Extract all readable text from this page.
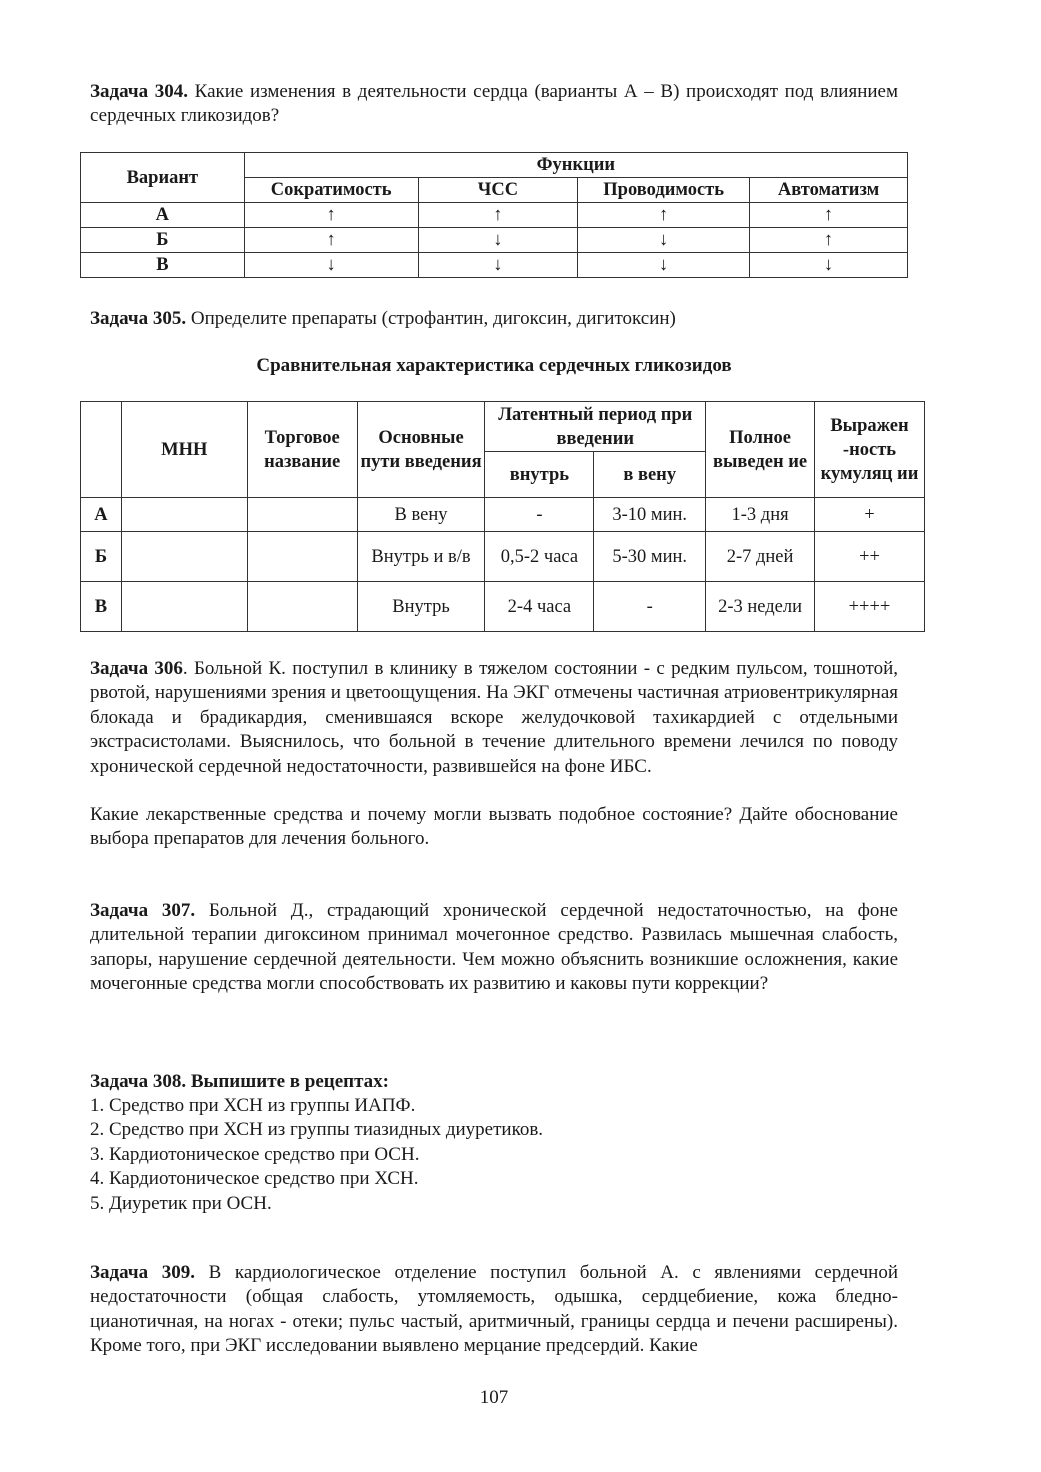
Задача 304. Какие изменения в деятельности сердца (варианты А – В) происходят под влиянием сердечных гликозидов?

Вариант	Функции			
	Сократимость	ЧСС	Проводимость	Автоматизм
А	↑	↑	↑	↑
Б	↑	↓	↓	↑
В	↓	↓	↓	↓

Задача 305. Определите препараты (строфантин, дигоксин, дигитоксин)

Сравнительная характеристика сердечных гликозидов
	МНН	Торговое название	Основные пути введения	Латентный период при введении		Полное выведен ие	Выражен -ность кумуляц ии
				внутрь	в вену		
А			В вену	-	3-10 мин.	1-3 дня	+
Б			Внутрь и в/в	0,5-2 часа	5-30 мин.	2-7 дней	++
В			Внутрь	2-4 часа	-	2-3 недели	++++

Задача 306. Больной К. поступил в клинику в тяжелом состоянии - с редким пульсом, тошнотой, рвотой, нарушениями зрения и цветоощущения. На ЭКГ отмечены частичная атриовентрикулярная блокада и брадикардия, сменившаяся вскоре желудочковой тахикардией с отдельными экстрасистолами. Выяснилось, что больной в течение длительного времени лечился по поводу хронической сердечной недостаточности, развившейся на фоне ИБС.

Какие лекарственные средства и почему могли вызвать подобное состояние? Дайте обоснование выбора препаратов для лечения больного.

Задача 307. Больной Д., страдающий хронической сердечной недостаточностью, на фоне длительной терапии дигоксином принимал мочегонное средство. Развилась мышечная слабость, запоры, нарушение сердечной деятельности. Чем можно объяснить возникшие осложнения, какие мочегонные средства могли способствовать их развитию и каковы пути коррекции?

Задача 308. Выпишите в рецептах:

1. Средство при ХСН из группы ИАПФ.
2. Средство при ХСН из группы тиазидных диуретиков.
3. Кардиотоническое средство при ОСН.
4. Кардиотоническое средство при ХСН.
5. Диуретик при ОСН.

Задача 309. В кардиологическое отделение поступил больной А. с явлениями сердечной недостаточности (общая слабость, утомляемость, одышка, сердцебиение, кожа бледно-цианотичная, на ногах - отеки; пульс частый, аритмичный, границы сердца и печени расширены). Кроме того, при ЭКГ исследовании выявлено мерцание предсердий. Какие

107
